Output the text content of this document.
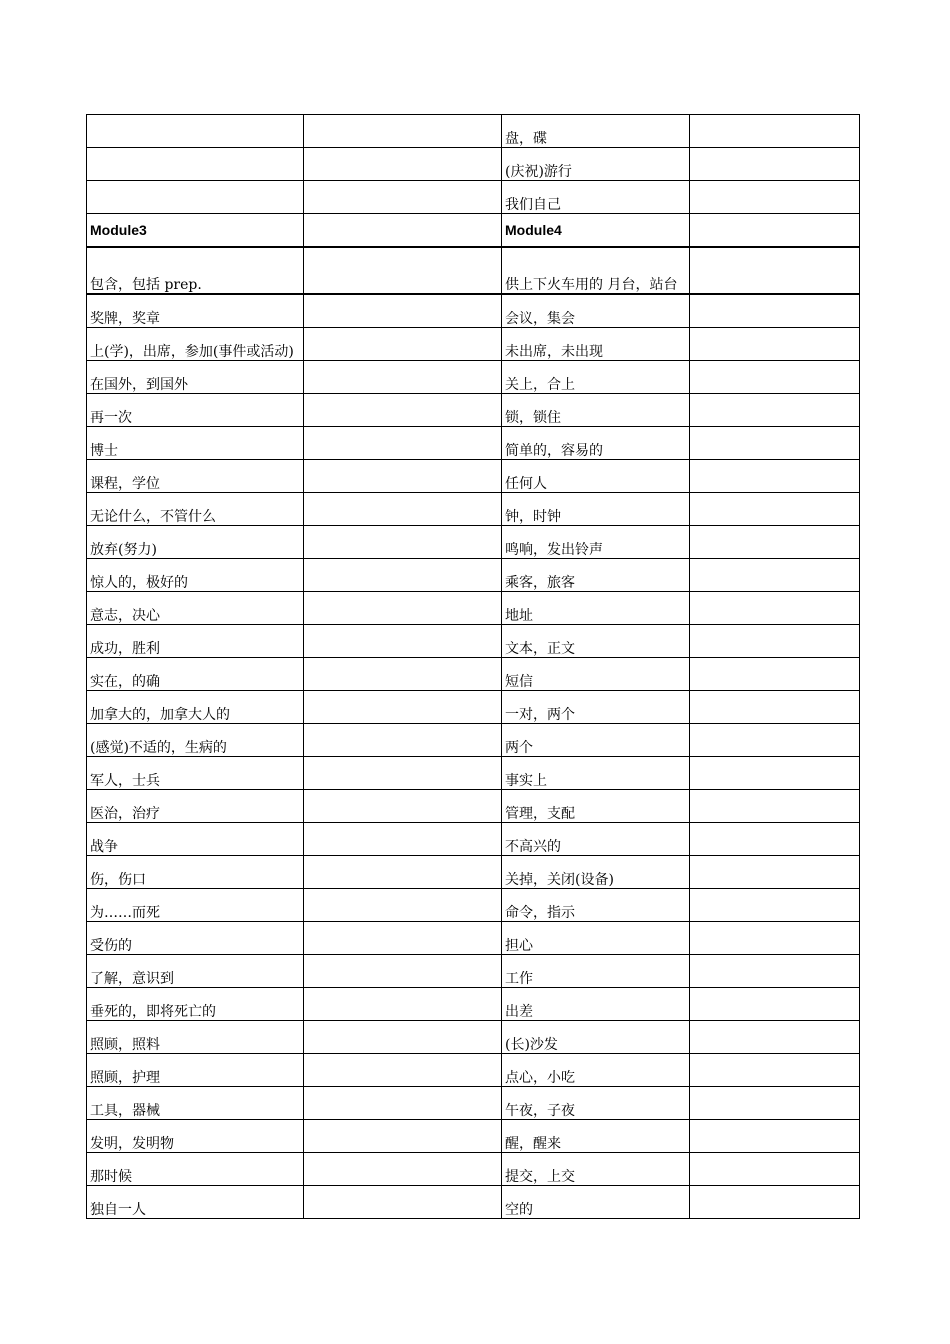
		盘，碟	
		(庆祝)游行	
		我们自己	
Module3		Module4	
包含，包括 prep.		供上下火车用的 月台，站台	
奖牌，奖章		会议，集会	
上(学)，出席，参加(事件或活动)		未出席，未出现	
在国外，到国外		关上，合上	
再一次		锁，锁住	
博士		简单的，容易的	
课程，学位		任何人	
无论什么，不管什么		钟，时钟	
放弃(努力)		鸣响，发出铃声	
惊人的，极好的		乘客，旅客	
意志，决心		地址	
成功，胜利		文本，正文	
实在，的确		短信	
加拿大的，加拿大人的		一对，两个	
(感觉)不适的，生病的		两个	
军人，士兵		事实上	
医治，治疗		管理，支配	
战争		不高兴的	
伤，伤口		关掉，关闭(设备)	
为……而死		命令，指示	
受伤的		担心	
了解，意识到		工作	
垂死的，即将死亡的		出差	
照顾，照料		(长)沙发	
照顾，护理		点心，小吃	
工具，器械		午夜，子夜	
发明，发明物		醒，醒来	
那时候		提交，上交	
独自一人		空的	
